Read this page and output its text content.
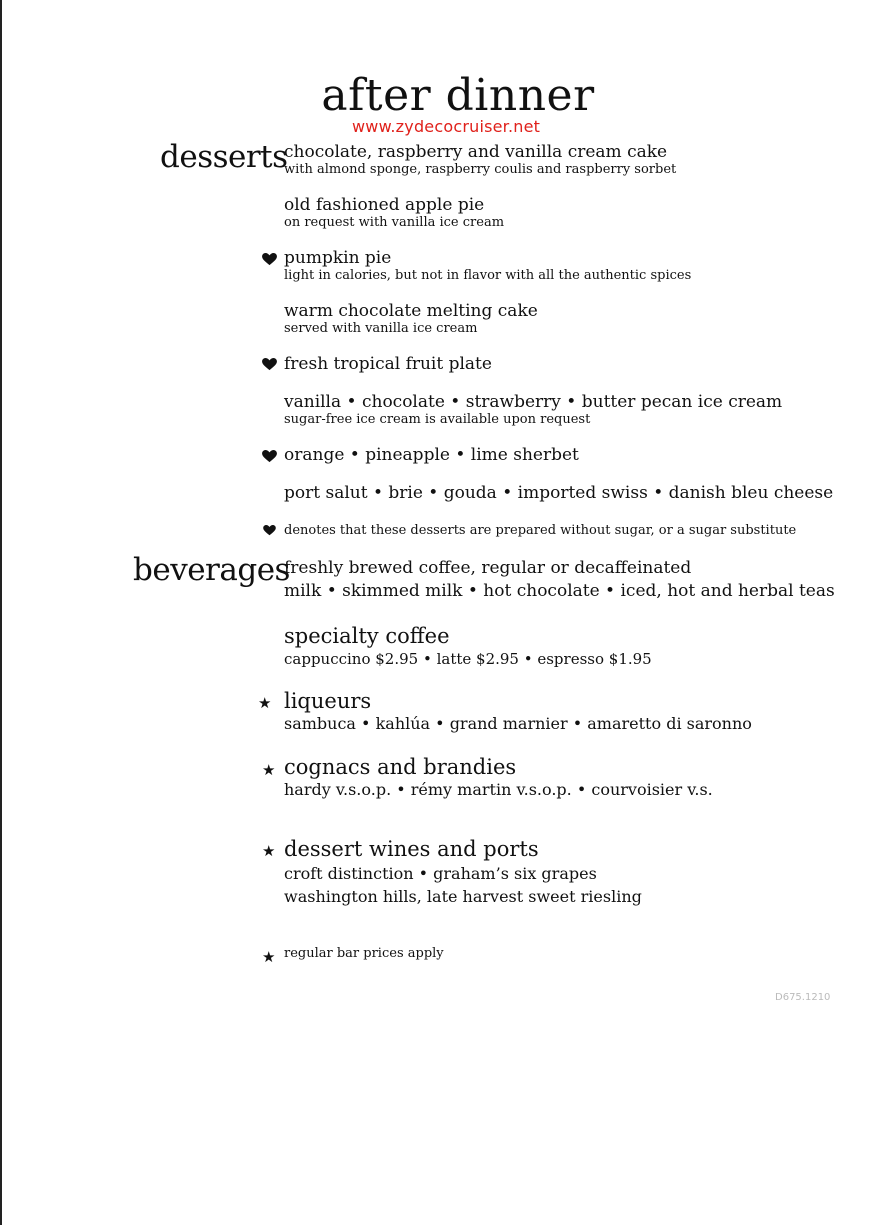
after dinner
www.zydecocruiser.net
desserts
chocolate, raspberry and vanilla cream cake
with almond sponge, raspberry coulis and raspberry sorbet
old fashioned apple pie
on request with vanilla ice cream
pumpkin pie
light in calories, but not in flavor with all the authentic spices
warm chocolate melting cake
served with vanilla ice cream
fresh tropical fruit plate
vanilla • chocolate • strawberry • butter pecan ice cream
sugar-free ice cream is available upon request
orange • pineapple • lime sherbet
port salut • brie • gouda • imported swiss • danish bleu cheese
denotes that these desserts are prepared without sugar, or a sugar substitute
beverages
freshly brewed coffee, regular or decaffeinated
milk • skimmed milk • hot chocolate • iced, hot and herbal teas
specialty coffee
cappuccino $2.95 • latte $2.95 • espresso $1.95
★ liqueurs
sambuca • kahlúa • grand marnier • amaretto di saronno
★ cognacs and brandies
hardy v.s.o.p. • rémy martin v.s.o.p. • courvoisier v.s.
★ dessert wines and ports
croft distinction • graham’s six grapes
washington hills, late harvest sweet riesling
★ regular bar prices apply
D675.1210
